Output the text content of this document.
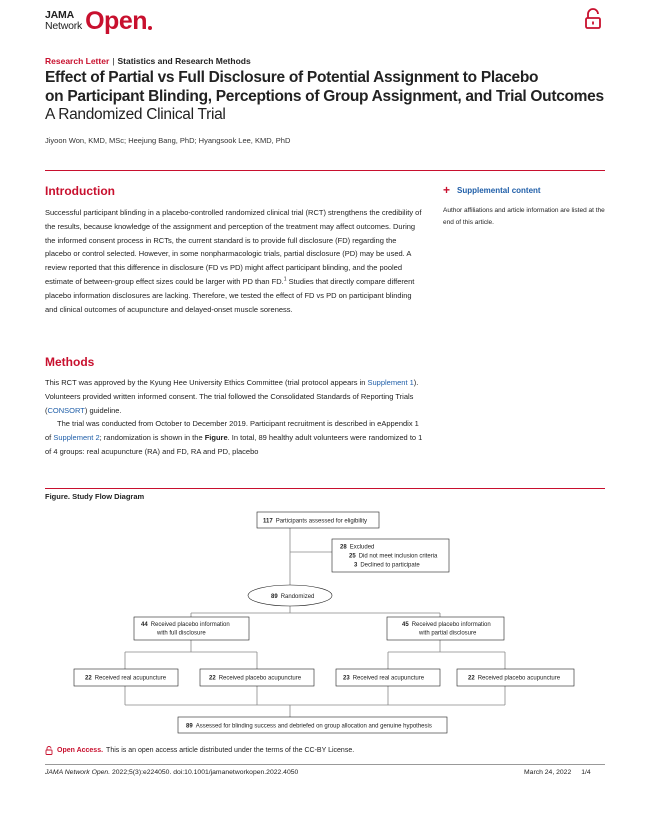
JAMA
Network Open
Research Letter | Statistics and Research Methods
Effect of Partial vs Full Disclosure of Potential Assignment to Placebo
on Participant Blinding, Perceptions of Group Assignment, and Trial Outcomes
A Randomized Clinical Trial
Jiyoon Won, KMD, MSc; Heejung Bang, PhD; Hyangsook Lee, KMD, PhD
Introduction

Successful participant blinding in a placebo-controlled randomized clinical trial (RCT) strengthens the credibility of the results, because knowledge of the assignment and perception of the treatment may affect outcomes. During the informed consent process in RCTs, the current standard is to provide full disclosure (FD) regarding the placebo or control selected. However, in some nonpharmacologic trials, partial disclosure (PD) may be used. A review reported that this difference in disclosure (FD vs PD) might affect participant blinding, and the pooled estimate of between-group effect sizes could be larger with PD than FD.$^1$ Studies that directly compare different placebo information disclosures are lacking. Therefore, we tested the effect of FD vs PD on participant blinding and clinical outcomes of acupuncture and delayed-onset muscle soreness.

+ Supplemental content
Author affiliations and article information are listed at the end of this article.
Methods

This RCT was approved by the Kyung Hee University Ethics Committee (trial protocol appears in Supplement 1). Volunteers provided written informed consent. The trial followed the Consolidated Standards of Reporting Trials (CONSORT) guideline.

The trial was conducted from October to December 2019. Participant recruitment is described in eAppendix 1 of Supplement 2; randomization is shown in the Figure. In total, 89 healthy adult volunteers were randomized to 1 of 4 groups: real acupuncture (RA) and FD, RA and PD, placebo

Figure. Study Flow Diagram
117 Participants assessed for eligibility
28 Excluded
25 Did not meet inclusion criteria
3 Declined to participate
89 Randomized
44 Received placebo information
with full disclosure
45 Received placebo information
with partial disclosure
22 Received real acupuncture	22 Received placebo acupuncture	23 Received real acupuncture	22 Received placebo acupuncture
89 Assessed for blinding success and debriefed on group allocation and genuine hypothesis
Open Access. This is an open access article distributed under the terms of the CC-BY License.
JAMA Network Open. 2022;5(3):e224050. doi:10.1001/jamanetworkopen.2022.4050	March 24, 2022 1/4
